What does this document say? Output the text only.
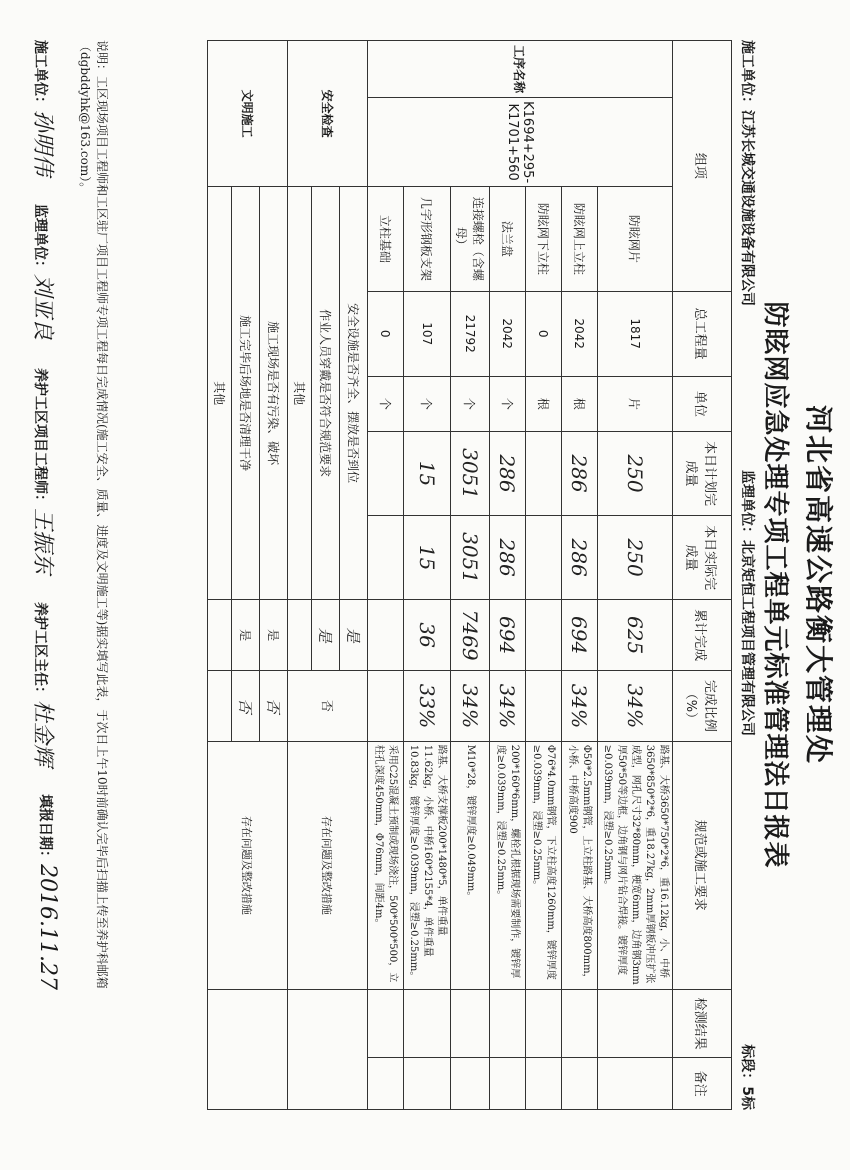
河北省高速公路衡大管理处
防眩网应急处理专项工程单元标准管理法日报表
施工单位：江苏长城交通设施设备有限公司
监理单位：北京矩恒工程项目管理有限公司
标段：5标
组项			总工程量	单位	本日计划完成量	本日实际完成量	累计完成	完成比例（%）	规范或施工要求	检测结果	备注
工序名称	K1694+295-K1701+560	防眩网片	1817	片	250	250	625	34%	路基、大桥3650*750*2*6，重16.12kg，小、中桥3650*850*2*6，重18.27kg，2mm厚钢板冲压扩张成型，网孔尺寸32*80mm，梗宽6mm，边角钢3mm厚50*50等边框，边角钢与网片钻合焊接。镀锌厚度≥0.039mm，浸塑≥0.25mm。		
		防眩网上立柱	2042	根	286	286	694	34%	Φ50*2.5mm钢管，上立柱路基、大桥高度800mm，小桥、中桥高度900		
		防眩网下立柱	0	根					Φ76*4.0mm钢管，下立柱高度1260mm，镀锌厚度≥0.039mm，浸塑≥0.25mm。		
		法兰盘	2042	个	286	286	694	34%	200*160*6mm，螺栓孔根据现场需要制作，镀锌厚度≥0.039mm，浸塑≥0.25mm。		
		连接螺栓（含螺母）	21792	个	3051	3051	7469	34%	M10*28，镀锌厚度≥0.049mm。		
		几字形钢板支架	107	个	15	15	36	33%	路基、大桥支撑板200*1480*5，单件重量11.62kg，小桥、中桥160*2155*4，单件重量10.83kg，镀锌厚度≥0.039mm，浸塑≥0.25mm。		
		立柱基础	0	个					采用C25混凝土预制或现场浇注，500*500*500，立柱孔深度450mm，Φ76mm，间距4m。		
安全检查		安全设施是否齐全、摆放是否到位					是	否	存在问题及整改措施		
		作业人员穿戴是否符合规范要求					是				
		其他									
文明施工		施工现场是否有污染、破坏					是	否	存在问题及整改措施		
		施工完毕后场地是否清理干净					是	否			
		其他									
说明：工区现场项目工程师和工区驻厂项目工程师专项工程每日完成情况(施工安全、质量、进度及文明施工等)据实填写此表，于次日上午10时前确认完毕后扫描上传至养护科邮箱（dgbddyhk@163.com）。
施工单位：孙明伟
监理单位：刘亚良
养护工区项目工程师：王振东
养护工区主任：杜金辉
填报日期：2016.11.27
